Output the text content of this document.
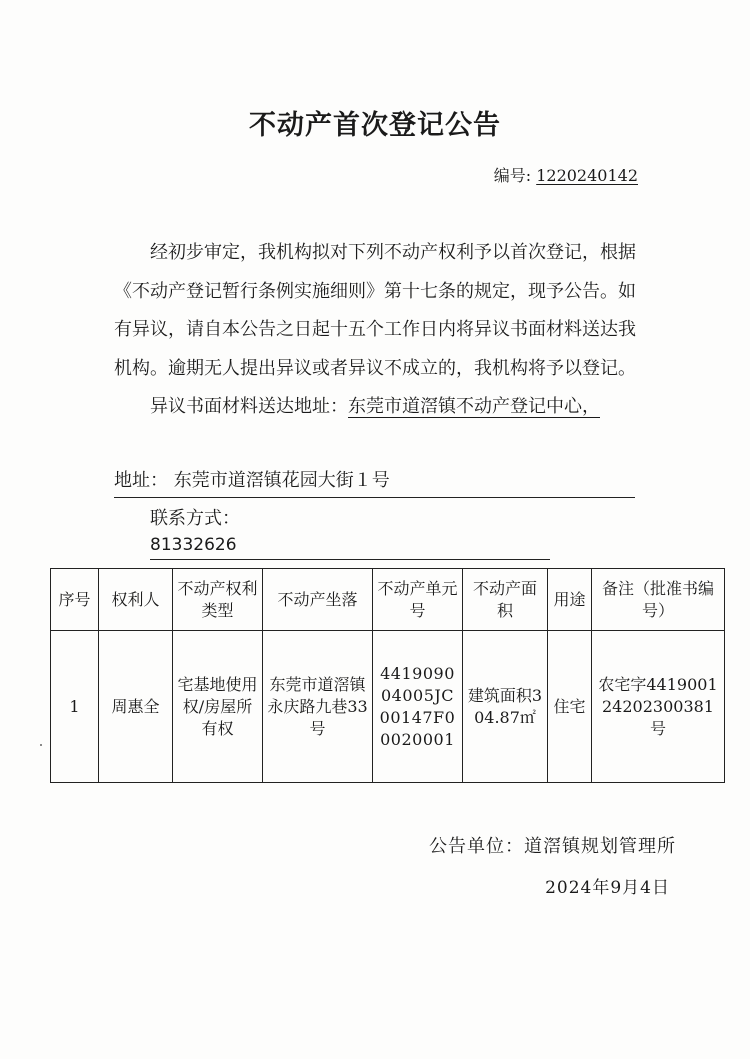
不动产首次登记公告
编号: 1220240142

经初步审定，我机构拟对下列不动产权利予以首次登记，根据《不动产登记暂行条例实施细则》第十七条的规定，现予公告。如有异议，请自本公告之日起十五个工作日内将异议书面材料送达我机构。逾期无人提出异议或者异议不成立的，我机构将予以登记。

异议书面材料送达地址：东莞市道滘镇不动产登记中心，

地址： 东莞市道滘镇花园大街１号
联系方式：81332626
序号	权利人	不动产权利类型	不动产坐落	不动产单元号	不动产面积	用途	备注（批准书编号）
1	周惠全	宅基地使用权/房屋所有权	东莞市道滘镇永庆路九巷33号	441909004005JC00147F00020001	建筑面积304.87㎡	住宅	农宅字441900124202300381号
公告单位：道滘镇规划管理所
2024年9月4日
